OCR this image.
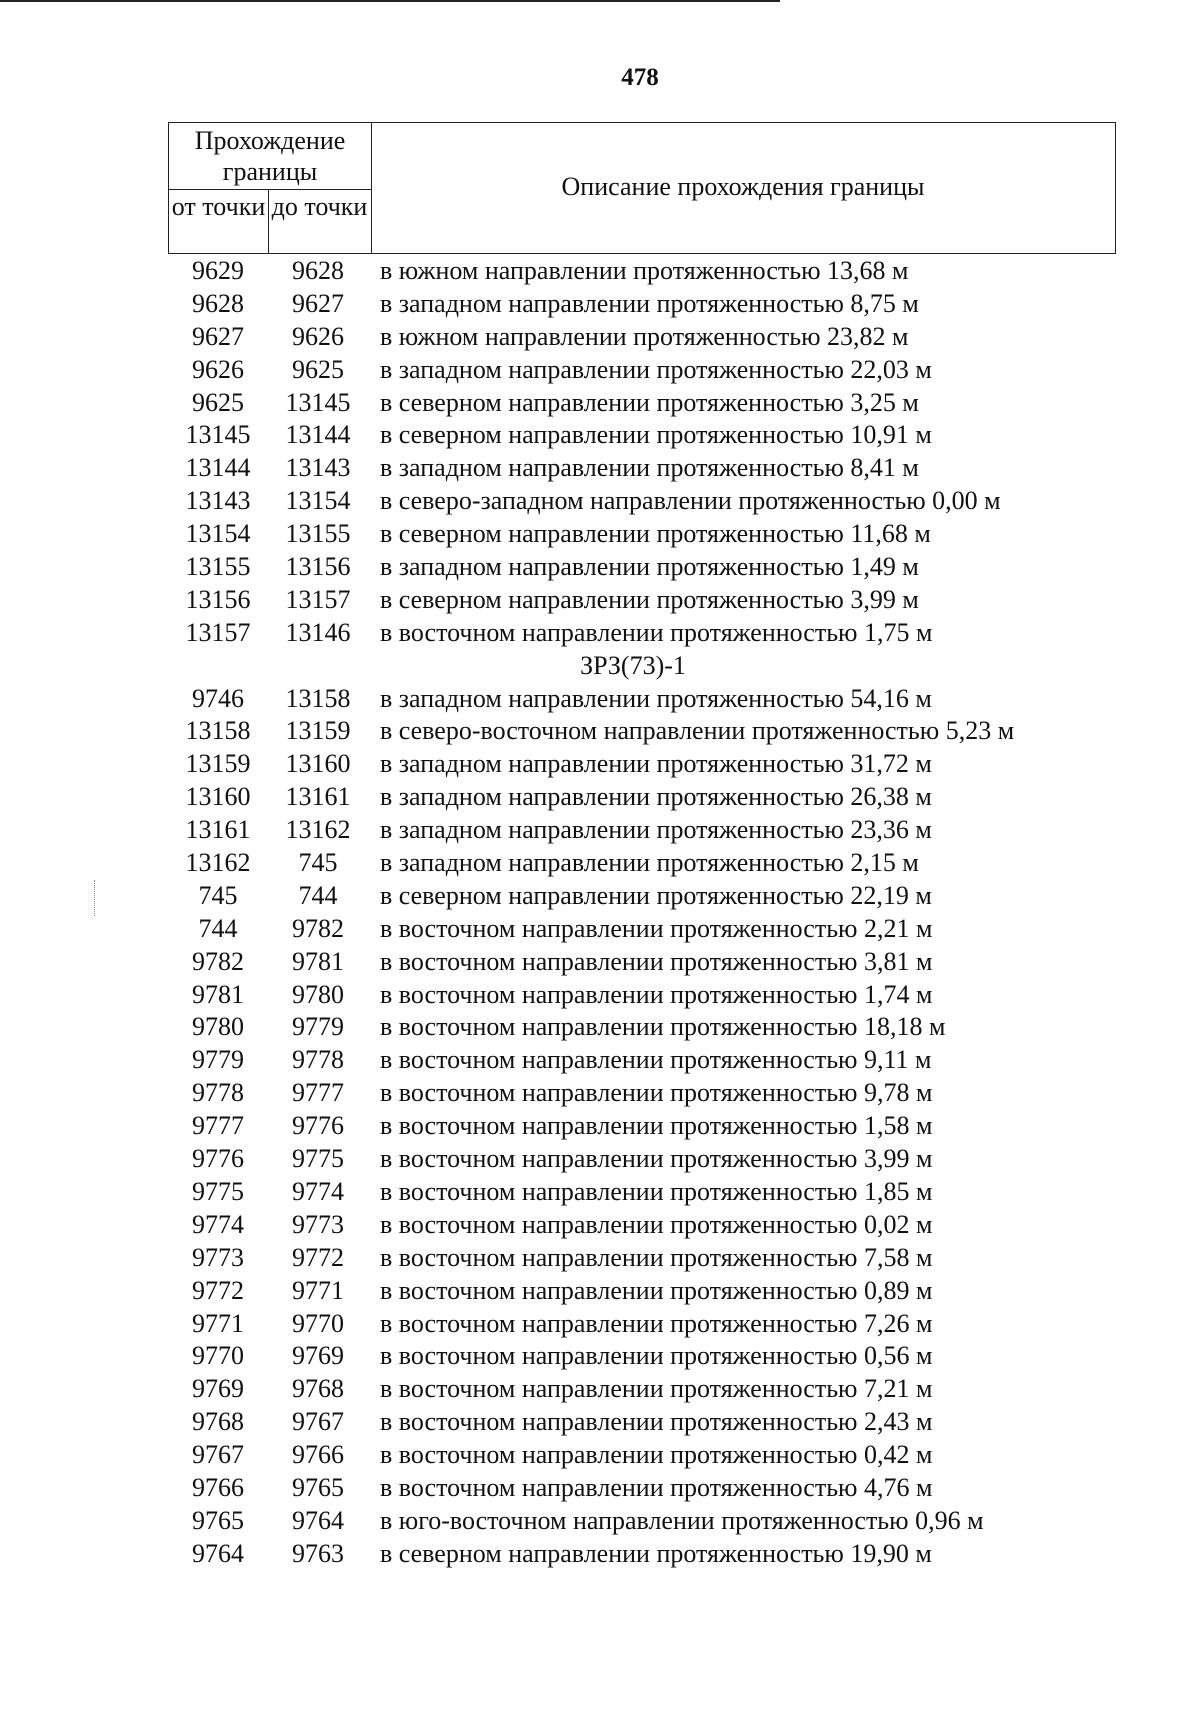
478
Прохождение границы
от точки до точки
Описание прохождения границы
9629	9628	в южном направлении протяженностью 13,68 м
9628	9627	в западном направлении протяженностью 8,75 м
9627	9626	в южном направлении протяженностью 23,82 м
9626	9625	в западном направлении протяженностью 22,03 м
9625	13145	в северном направлении протяженностью 3,25 м
13145	13144	в северном направлении протяженностью 10,91 м
13144	13143	в западном направлении протяженностью 8,41 м
13143	13154	в северо-западном направлении протяженностью 0,00 м
13154	13155	в северном направлении протяженностью 11,68 м
13155	13156	в западном направлении протяженностью 1,49 м
13156	13157	в северном направлении протяженностью 3,99 м
13157	13146	в восточном направлении протяженностью 1,75 м
ЗРЗ(73)-1
9746	13158	в западном направлении протяженностью 54,16 м
13158	13159	в северо-восточном направлении протяженностью 5,23 м
13159	13160	в западном направлении протяженностью 31,72 м
13160	13161	в западном направлении протяженностью 26,38 м
13161	13162	в западном направлении протяженностью 23,36 м
13162	745	в западном направлении протяженностью 2,15 м
745	744	в северном направлении протяженностью 22,19 м
744	9782	в восточном направлении протяженностью 2,21 м
9782	9781	в восточном направлении протяженностью 3,81 м
9781	9780	в восточном направлении протяженностью 1,74 м
9780	9779	в восточном направлении протяженностью 18,18 м
9779	9778	в восточном направлении протяженностью 9,11 м
9778	9777	в восточном направлении протяженностью 9,78 м
9777	9776	в восточном направлении протяженностью 1,58 м
9776	9775	в восточном направлении протяженностью 3,99 м
9775	9774	в восточном направлении протяженностью 1,85 м
9774	9773	в восточном направлении протяженностью 0,02 м
9773	9772	в восточном направлении протяженностью 7,58 м
9772	9771	в восточном направлении протяженностью 0,89 м
9771	9770	в восточном направлении протяженностью 7,26 м
9770	9769	в восточном направлении протяженностью 0,56 м
9769	9768	в восточном направлении протяженностью 7,21 м
9768	9767	в восточном направлении протяженностью 2,43 м
9767	9766	в восточном направлении протяженностью 0,42 м
9766	9765	в восточном направлении протяженностью 4,76 м
9765	9764	в юго-восточном направлении протяженностью 0,96 м
9764	9763	в северном направлении протяженностью 19,90 м
